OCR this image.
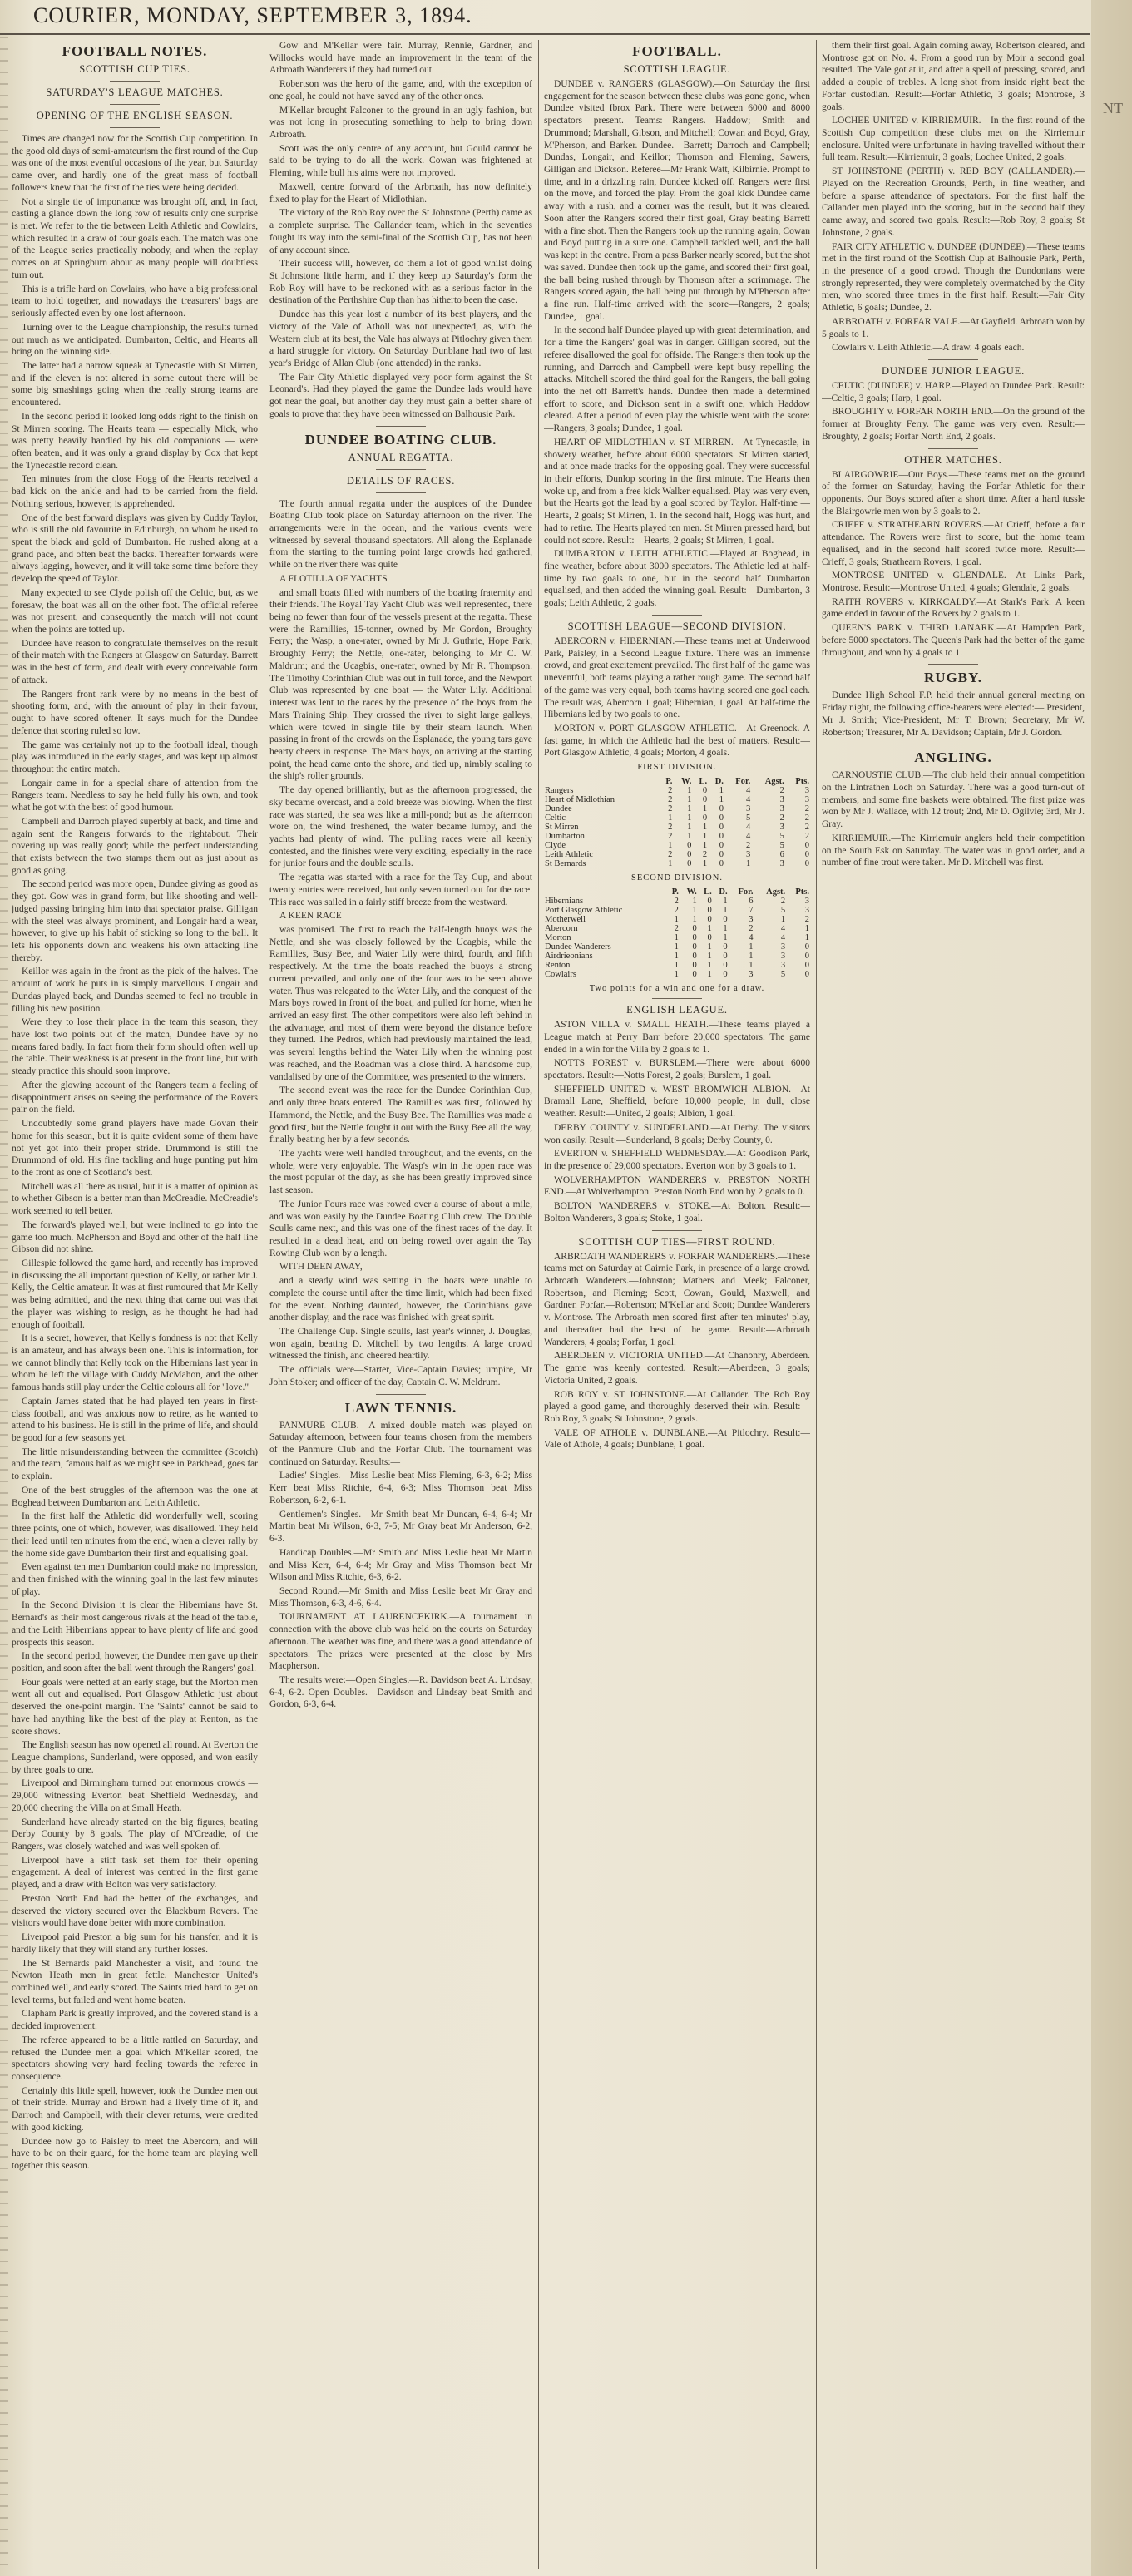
COURIER, MONDAY, SEPTEMBER 3, 1894.
NT
FOOTBALL NOTES.
SCOTTISH CUP TIES.
SATURDAY'S LEAGUE MATCHES.
OPENING OF THE ENGLISH SEASON.

Times are changed now for the Scottish Cup competition. In the good old days of semi-amateurism the first round of the Cup was one of the most eventful occasions of the year, but Saturday came over, and hardly one of the great mass of football followers knew that the first of the ties were being decided.

Not a single tie of importance was brought off, and, in fact, casting a glance down the long row of results only one surprise is met. We refer to the tie between Leith Athletic and Cowlairs, which resulted in a draw of four goals each. The match was one of the League series practically nobody, and when the replay comes on at Springburn about as many people will doubtless turn out.

This is a trifle hard on Cowlairs, who have a big professional team to hold together, and nowadays the treasurers' bags are seriously affected even by one lost afternoon.

Turning over to the League championship, the results turned out much as we anticipated. Dumbarton, Celtic, and Hearts all bring on the winning side.

The latter had a narrow squeak at Tynecastle with St Mirren, and if the eleven is not altered in some cutout there will be some big smashings going when the really strong teams are encountered.

In the second period it looked long odds right to the finish on St Mirren scoring. The Hearts team — especially Mick, who was pretty heavily handled by his old companions — were often beaten, and it was only a grand display by Cox that kept the Tynecastle record clean.

Ten minutes from the close Hogg of the Hearts received a bad kick on the ankle and had to be carried from the field. Nothing serious, however, is apprehended.

One of the best forward displays was given by Cuddy Taylor, who is still the old favourite in Edinburgh, on whom he used to spent the black and gold of Dumbarton. He rushed along at a grand pace, and often beat the backs. Thereafter forwards were always lagging, however, and it will take some time before they develop the speed of Taylor.

Many expected to see Clyde polish off the Celtic, but, as we foresaw, the boat was all on the other foot. The official referee was not present, and consequently the match will not count when the points are totted up.

Dundee have reason to congratulate themselves on the result of their match with the Rangers at Glasgow on Saturday. Barrett was in the best of form, and dealt with every conceivable form of attack.

The Rangers front rank were by no means in the best of shooting form, and, with the amount of play in their favour, ought to have scored oftener. It says much for the Dundee defence that scoring ruled so low.

The game was certainly not up to the football ideal, though play was introduced in the early stages, and was kept up almost throughout the entire match.

Longair came in for a special share of attention from the Rangers team. Needless to say he held fully his own, and took what he got with the best of good humour.

Campbell and Darroch played superbly at back, and time and again sent the Rangers forwards to the rightabout. Their covering up was really good; while the perfect understanding that exists between the two stamps them out as just about as good as going.

The second period was more open, Dundee giving as good as they got. Gow was in grand form, but like shooting and well-judged passing bringing him into that spectator praise. Gilligan with the steel was always prominent, and Longair hard a wear, however, to give up his habit of sticking so long to the ball. It lets his opponents down and weakens his own attacking line thereby.

Keillor was again in the front as the pick of the halves. The amount of work he puts in is simply marvellous. Longair and Dundas played back, and Dundas seemed to feel no trouble in filling his new position.

Were they to lose their place in the team this season, they have lost two points out of the match, Dundee have by no means fared badly. In fact from their form should often well up the table. Their weakness is at present in the front line, but with steady practice this should soon improve.

After the glowing account of the Rangers team a feeling of disappointment arises on seeing the performance of the Rovers pair on the field.

Undoubtedly some grand players have made Govan their home for this season, but it is quite evident some of them have not yet got into their proper stride. Drummond is still the Drummond of old. His fine tackling and huge punting put him to the front as one of Scotland's best.

Mitchell was all there as usual, but it is a matter of opinion as to whether Gibson is a better man than McCreadie. McCreadie's work seemed to tell better.

The forward's played well, but were inclined to go into the game too much. McPherson and Boyd and other of the half line Gibson did not shine.

Gillespie followed the game hard, and recently has improved in discussing the all important question of Kelly, or rather Mr J. Kelly, the Celtic amateur. It was at first rumoured that Mr Kelly was being admitted, and the next thing that came out was that the player was wishing to resign, as he thought he had had enough of football.

It is a secret, however, that Kelly's fondness is not that Kelly is an amateur, and has always been one. This is information, for we cannot blindly that Kelly took on the Hibernians last year in whom he left the village with Cuddy McMahon, and the other famous hands still play under the Celtic colours all for "love."

Captain James stated that he had played ten years in first-class football, and was anxious now to retire, as he wanted to attend to his business. He is still in the prime of life, and should be good for a few seasons yet.

The little misunderstanding between the committee (Scotch) and the team, famous half as we might see in Parkhead, goes far to explain.

One of the best struggles of the afternoon was the one at Boghead between Dumbarton and Leith Athletic.

In the first half the Athletic did wonderfully well, scoring three points, one of which, however, was disallowed. They held their lead until ten minutes from the end, when a clever rally by the home side gave Dumbarton their first and equalising goal.

Even against ten men Dumbarton could make no impression, and then finished with the winning goal in the last few minutes of play.

In the Second Division it is clear the Hibernians have St. Bernard's as their most dangerous rivals at the head of the table, and the Leith Hibernians appear to have plenty of life and good prospects this season.

In the second period, however, the Dundee men gave up their position, and soon after the ball went through the Rangers' goal.

Four goals were netted at an early stage, but the Morton men went all out and equalised. Port Glasgow Athletic just about deserved the one-point margin. The 'Saints' cannot be said to have had anything like the best of the play at Renton, as the score shows.

The English season has now opened all round. At Everton the League champions, Sunderland, were opposed, and won easily by three goals to one.

Liverpool and Birmingham turned out enormous crowds — 29,000 witnessing Everton beat Sheffield Wednesday, and 20,000 cheering the Villa on at Small Heath.

Sunderland have already started on the big figures, beating Derby County by 8 goals. The play of M'Creadie, of the Rangers, was closely watched and was well spoken of.

Liverpool have a stiff task set them for their opening engagement. A deal of interest was centred in the first game played, and a draw with Bolton was very satisfactory.

Preston North End had the better of the exchanges, and deserved the victory secured over the Blackburn Rovers. The visitors would have done better with more combination.

Liverpool paid Preston a big sum for his transfer, and it is hardly likely that they will stand any further losses.

The St Bernards paid Manchester a visit, and found the Newton Heath men in great fettle. Manchester United's combined well, and early scored. The Saints tried hard to get on level terms, but failed and went home beaten.

Clapham Park is greatly improved, and the covered stand is a decided improvement.

The referee appeared to be a little rattled on Saturday, and refused the Dundee men a goal which M'Kellar scored, the spectators showing very hard feeling towards the referee in consequence.

Certainly this little spell, however, took the Dundee men out of their stride. Murray and Brown had a lively time of it, and Darroch and Campbell, with their clever returns, were credited with good kicking.

Dundee now go to Paisley to meet the Abercorn, and will have to be on their guard, for the home team are playing well together this season.

Gow and M'Kellar were fair. Murray, Rennie, Gardner, and Willocks would have made an improvement in the team of the Arbroath Wanderers if they had turned out.

Robertson was the hero of the game, and, with the exception of one goal, he could not have saved any of the other ones.

M'Kellar brought Falconer to the ground in an ugly fashion, but was not long in prosecuting something to help to bring down Arbroath.

Scott was the only centre of any account, but Gould cannot be said to be trying to do all the work. Cowan was frightened at Fleming, while bull his aims were not improved.

Maxwell, centre forward of the Arbroath, has now definitely fixed to play for the Heart of Midlothian.

The victory of the Rob Roy over the St Johnstone (Perth) came as a complete surprise. The Callander team, which in the seventies fought its way into the semi-final of the Scottish Cup, has not been of any account since.

Their success will, however, do them a lot of good whilst doing St Johnstone little harm, and if they keep up Saturday's form the Rob Roy will have to be reckoned with as a serious factor in the destination of the Perthshire Cup than has hitherto been the case.

Dundee has this year lost a number of its best players, and the victory of the Vale of Atholl was not unexpected, as, with the Western club at its best, the Vale has always at Pitlochry given them a hard struggle for victory. On Saturday Dunblane had two of last year's Bridge of Allan Club (one attended) in the ranks.

The Fair City Athletic displayed very poor form against the St Leonard's. Had they played the game the Dundee lads would have got near the goal, but another day they must gain a better share of goals to prove that they have been witnessed on Balhousie Park.

DUNDEE BOATING CLUB.
ANNUAL REGATTA.
DETAILS OF RACES.

The fourth annual regatta under the auspices of the Dundee Boating Club took place on Saturday afternoon on the river. The arrangements were in the ocean, and the various events were witnessed by several thousand spectators. All along the Esplanade from the starting to the turning point large crowds had gathered, while on the river there was quite

A FLOTILLA OF YACHTS

and small boats filled with numbers of the boating fraternity and their friends. The Royal Tay Yacht Club was well represented, there being no fewer than four of the vessels present at the regatta. These were the Ramillies, 15-tonner, owned by Mr Gordon, Broughty Ferry; the Wasp, a one-rater, owned by Mr J. Guthrie, Hope Park, Broughty Ferry; the Nettle, one-rater, belonging to Mr C. W. Maldrum; and the Ucagbis, one-rater, owned by Mr R. Thompson. The Timothy Corinthian Club was out in full force, and the Newport Club was represented by one boat — the Water Lily. Additional interest was lent to the races by the presence of the boys from the Mars Training Ship. They crossed the river to sight large galleys, which were towed in single file by their steam launch. When passing in front of the crowds on the Esplanade, the young tars gave hearty cheers in response. The Mars boys, on arriving at the starting point, the head came onto the shore, and tied up, nimbly scaling to the ship's roller grounds.

The day opened brilliantly, but as the afternoon progressed, the sky became overcast, and a cold breeze was blowing. When the first race was started, the sea was like a mill-pond; but as the afternoon wore on, the wind freshened, the water became lumpy, and the yachts had plenty of wind. The pulling races were all keenly contested, and the finishes were very exciting, especially in the race for junior fours and the double sculls.

The regatta was started with a race for the Tay Cup, and about twenty entries were received, but only seven turned out for the race. This race was sailed in a fairly stiff breeze from the westward.

A KEEN RACE

was promised. The first to reach the half-length buoys was the Nettle, and she was closely followed by the Ucagbis, while the Ramillies, Busy Bee, and Water Lily were third, fourth, and fifth respectively. At the time the boats reached the buoys a strong current prevailed, and only one of the four was to be seen above water. Thus was relegated to the Water Lily, and the conquest of the Mars boys rowed in front of the boat, and pulled for home, when he arrived an easy first. The other competitors were also left behind in the advantage, and most of them were beyond the distance before they turned. The Pedros, which had previously maintained the lead, was several lengths behind the Water Lily when the winning post was reached, and the Roadman was a close third. A handsome cup, vandalised by one of the Committee, was presented to the winners.

The second event was the race for the Dundee Corinthian Cup, and only three boats entered. The Ramillies was first, followed by Hammond, the Nettle, and the Busy Bee. The Ramillies was made a good first, but the Nettle fought it out with the Busy Bee all the way, finally beating her by a few seconds.

The yachts were well handled throughout, and the events, on the whole, were very enjoyable. The Wasp's win in the open race was the most popular of the day, as she has been greatly improved since last season.

The Junior Fours race was rowed over a course of about a mile, and was won easily by the Dundee Boating Club crew. The Double Sculls came next, and this was one of the finest races of the day. It resulted in a dead heat, and on being rowed over again the Tay Rowing Club won by a length.

WITH DEEN AWAY,

and a steady wind was setting in the boats were unable to complete the course until after the time limit, which had been fixed for the event. Nothing daunted, however, the Corinthians gave another display, and the race was finished with great spirit.

The Challenge Cup. Single sculls, last year's winner, J. Douglas, won again, beating D. Mitchell by two lengths. A large crowd witnessed the finish, and cheered heartily.

The officials were—Starter, Vice-Captain Davies; umpire, Mr John Stoker; and officer of the day, Captain C. W. Meldrum.

LAWN TENNIS.

PANMURE CLUB.—A mixed double match was played on Saturday afternoon, between four teams chosen from the members of the Panmure Club and the Forfar Club. The tournament was continued on Saturday. Results:—

Ladies' Singles.—Miss Leslie beat Miss Fleming, 6-3, 6-2; Miss Kerr beat Miss Ritchie, 6-4, 6-3; Miss Thomson beat Miss Robertson, 6-2, 6-1.

Gentlemen's Singles.—Mr Smith beat Mr Duncan, 6-4, 6-4; Mr Martin beat Mr Wilson, 6-3, 7-5; Mr Gray beat Mr Anderson, 6-2, 6-3.

Handicap Doubles.—Mr Smith and Miss Leslie beat Mr Martin and Miss Kerr, 6-4, 6-4; Mr Gray and Miss Thomson beat Mr Wilson and Miss Ritchie, 6-3, 6-2.

Second Round.—Mr Smith and Miss Leslie beat Mr Gray and Miss Thomson, 6-3, 4-6, 6-4.

TOURNAMENT AT LAURENCEKIRK.—A tournament in connection with the above club was held on the courts on Saturday afternoon. The weather was fine, and there was a good attendance of spectators. The prizes were presented at the close by Mrs Macpherson.

The results were:—Open Singles.—R. Davidson beat A. Lindsay, 6-4, 6-2. Open Doubles.—Davidson and Lindsay beat Smith and Gordon, 6-3, 6-4.

FOOTBALL.
SCOTTISH LEAGUE.

DUNDEE v. RANGERS (GLASGOW).—On Saturday the first engagement for the season between these clubs was gone gone, when Dundee visited Ibrox Park. There were between 6000 and 8000 spectators present. Teams:—Rangers.—Haddow; Smith and Drummond; Marshall, Gibson, and Mitchell; Cowan and Boyd, Gray, M'Pherson, and Barker. Dundee.—Barrett; Darroch and Campbell; Dundas, Longair, and Keillor; Thomson and Fleming, Sawers, Gilligan and Dickson. Referee—Mr Frank Watt, Kilbirnie. Prompt to time, and in a drizzling rain, Dundee kicked off. Rangers were first on the move, and forced the play. From the goal kick Dundee came away with a rush, and a corner was the result, but it was cleared. Soon after the Rangers scored their first goal, Gray beating Barrett with a fine shot. Then the Rangers took up the running again, Cowan and Boyd putting in a sure one. Campbell tackled well, and the ball was kept in the centre. From a pass Barker nearly scored, but the shot was saved. Dundee then took up the game, and scored their first goal, the ball being rushed through by Thomson after a scrimmage. The Rangers scored again, the ball being put through by M'Pherson after a fine run. Half-time arrived with the score—Rangers, 2 goals; Dundee, 1 goal.

In the second half Dundee played up with great determination, and for a time the Rangers' goal was in danger. Gilligan scored, but the referee disallowed the goal for offside. The Rangers then took up the running, and Darroch and Campbell were kept busy repelling the attacks. Mitchell scored the third goal for the Rangers, the ball going into the net off Barrett's hands. Dundee then made a determined effort to score, and Dickson sent in a swift one, which Haddow cleared. After a period of even play the whistle went with the score:—Rangers, 3 goals; Dundee, 1 goal.

HEART OF MIDLOTHIAN v. ST MIRREN.—At Tynecastle, in showery weather, before about 6000 spectators. St Mirren started, and at once made tracks for the opposing goal. They were successful in their efforts, Dunlop scoring in the first minute. The Hearts then woke up, and from a free kick Walker equalised. Play was very even, but the Hearts got the lead by a goal scored by Taylor. Half-time — Hearts, 2 goals; St Mirren, 1. In the second half, Hogg was hurt, and had to retire. The Hearts played ten men. St Mirren pressed hard, but could not score. Result:—Hearts, 2 goals; St Mirren, 1 goal.

DUMBARTON v. LEITH ATHLETIC.—Played at Boghead, in fine weather, before about 3000 spectators. The Athletic led at half-time by two goals to one, but in the second half Dumbarton equalised, and then added the winning goal. Result:—Dumbarton, 3 goals; Leith Athletic, 2 goals.

SCOTTISH LEAGUE—SECOND DIVISION.

ABERCORN v. HIBERNIAN.—These teams met at Underwood Park, Paisley, in a Second League fixture. There was an immense crowd, and great excitement prevailed. The first half of the game was uneventful, both teams playing a rather rough game. The second half of the game was very equal, both teams having scored one goal each. The result was, Abercorn 1 goal; Hibernian, 1 goal. At half-time the Hibernians led by two goals to one.

MORTON v. PORT GLASGOW ATHLETIC.—At Greenock. A fast game, in which the Athletic had the best of matters. Result:—Port Glasgow Athletic, 4 goals; Morton, 4 goals.

FIRST DIVISION.
	P.	W.	L.	D.	For.	Agst.	Pts.
Rangers	2	1	0	1	4	2	3
Heart of Midlothian	2	1	0	1	4	3	3
Dundee	2	1	1	0	3	3	2
Celtic	1	1	0	0	5	2	2
St Mirren	2	1	1	0	4	3	2
Dumbarton	2	1	1	0	4	5	2
Clyde	1	0	1	0	2	5	0
Leith Athletic	2	0	2	0	3	6	0
St Bernards	1	0	1	0	1	3	0
SECOND DIVISION.
	P.	W.	L.	D.	For.	Agst.	Pts.
Hibernians	2	1	0	1	6	2	3
Port Glasgow Athletic	2	1	0	1	7	5	3
Motherwell	1	1	0	0	3	1	2
Abercorn	2	0	1	1	2	4	1
Morton	1	0	0	1	4	4	1
Dundee Wanderers	1	0	1	0	1	3	0
Airdrieonians	1	0	1	0	1	3	0
Renton	1	0	1	0	1	3	0
Cowlairs	1	0	1	0	3	5	0
Two points for a win and one for a draw.
ENGLISH LEAGUE.

ASTON VILLA v. SMALL HEATH.—These teams played a League match at Perry Barr before 20,000 spectators. The game ended in a win for the Villa by 2 goals to 1.

NOTTS FOREST v. BURSLEM.—There were about 6000 spectators. Result:—Notts Forest, 2 goals; Burslem, 1 goal.

SHEFFIELD UNITED v. WEST BROMWICH ALBION.—At Bramall Lane, Sheffield, before 10,000 people, in dull, close weather. Result:—United, 2 goals; Albion, 1 goal.

DERBY COUNTY v. SUNDERLAND.—At Derby. The visitors won easily. Result:—Sunderland, 8 goals; Derby County, 0.

EVERTON v. SHEFFIELD WEDNESDAY.—At Goodison Park, in the presence of 29,000 spectators. Everton won by 3 goals to 1.

WOLVERHAMPTON WANDERERS v. PRESTON NORTH END.—At Wolverhampton. Preston North End won by 2 goals to 0.

BOLTON WANDERERS v. STOKE.—At Bolton. Result:—Bolton Wanderers, 3 goals; Stoke, 1 goal.

SCOTTISH CUP TIES—FIRST ROUND.

ARBROATH WANDERERS v. FORFAR WANDERERS.—These teams met on Saturday at Cairnie Park, in presence of a large crowd. Arbroath Wanderers.—Johnston; Mathers and Meek; Falconer, Robertson, and Fleming; Scott, Cowan, Gould, Maxwell, and Gardner. Forfar.—Robertson; M'Kellar and Scott; Dundee Wanderers v. Montrose. The Arbroath men scored first after ten minutes' play, and thereafter had the best of the game. Result:—Arbroath Wanderers, 4 goals; Forfar, 1 goal.

ABERDEEN v. VICTORIA UNITED.—At Chanonry, Aberdeen. The game was keenly contested. Result:—Aberdeen, 3 goals; Victoria United, 2 goals.

ROB ROY v. ST JOHNSTONE.—At Callander. The Rob Roy played a good game, and thoroughly deserved their win. Result:—Rob Roy, 3 goals; St Johnstone, 2 goals.

VALE OF ATHOLE v. DUNBLANE.—At Pitlochry. Result:—Vale of Athole, 4 goals; Dunblane, 1 goal.

them their first goal. Again coming away, Robertson cleared, and Montrose got on No. 4. From a good run by Moir a second goal resulted. The Vale got at it, and after a spell of pressing, scored, and added a couple of trebles. A long shot from inside right beat the Forfar custodian. Result:—Forfar Athletic, 3 goals; Montrose, 3 goals.

LOCHEE UNITED v. KIRRIEMUIR.—In the first round of the Scottish Cup competition these clubs met on the Kirriemuir enclosure. United were unfortunate in having travelled without their full team. Result:—Kirriemuir, 3 goals; Lochee United, 2 goals.

ST JOHNSTONE (PERTH) v. RED BOY (CALLANDER).—Played on the Recreation Grounds, Perth, in fine weather, and before a sparse attendance of spectators. For the first half the Callander men played into the scoring, but in the second half they came away, and scored two goals. Result:—Rob Roy, 3 goals; St Johnstone, 2 goals.

FAIR CITY ATHLETIC v. DUNDEE (DUNDEE).—These teams met in the first round of the Scottish Cup at Balhousie Park, Perth, in the presence of a good crowd. Though the Dundonians were strongly represented, they were completely overmatched by the City men, who scored three times in the first half. Result:—Fair City Athletic, 6 goals; Dundee, 2.

ARBROATH v. FORFAR VALE.—At Gayfield. Arbroath won by 5 goals to 1.

Cowlairs v. Leith Athletic.—A draw. 4 goals each.

DUNDEE JUNIOR LEAGUE.

CELTIC (DUNDEE) v. HARP.—Played on Dundee Park. Result:—Celtic, 3 goals; Harp, 1 goal.

BROUGHTY v. FORFAR NORTH END.—On the ground of the former at Broughty Ferry. The game was very even. Result:—Broughty, 2 goals; Forfar North End, 2 goals.

OTHER MATCHES.

BLAIRGOWRIE—Our Boys.—These teams met on the ground of the former on Saturday, having the Forfar Athletic for their opponents. Our Boys scored after a short time. After a hard tussle the Blairgowrie men won by 3 goals to 2.

CRIEFF v. STRATHEARN ROVERS.—At Crieff, before a fair attendance. The Rovers were first to score, but the home team equalised, and in the second half scored twice more. Result:—Crieff, 3 goals; Strathearn Rovers, 1 goal.

MONTROSE UNITED v. GLENDALE.—At Links Park, Montrose. Result:—Montrose United, 4 goals; Glendale, 2 goals.

RAITH ROVERS v. KIRKCALDY.—At Stark's Park. A keen game ended in favour of the Rovers by 2 goals to 1.

QUEEN'S PARK v. THIRD LANARK.—At Hampden Park, before 5000 spectators. The Queen's Park had the better of the game throughout, and won by 4 goals to 1.

RUGBY.

Dundee High School F.P. held their annual general meeting on Friday night, the following office-bearers were elected:— President, Mr J. Smith; Vice-President, Mr T. Brown; Secretary, Mr W. Robertson; Treasurer, Mr A. Davidson; Captain, Mr J. Gordon.

ANGLING.

CARNOUSTIE CLUB.—The club held their annual competition on the Lintrathen Loch on Saturday. There was a good turn-out of members, and some fine baskets were obtained. The first prize was won by Mr J. Wallace, with 12 trout; 2nd, Mr D. Ogilvie; 3rd, Mr J. Gray.

KIRRIEMUIR.—The Kirriemuir anglers held their competition on the South Esk on Saturday. The water was in good order, and a number of fine trout were taken. Mr D. Mitchell was first.
